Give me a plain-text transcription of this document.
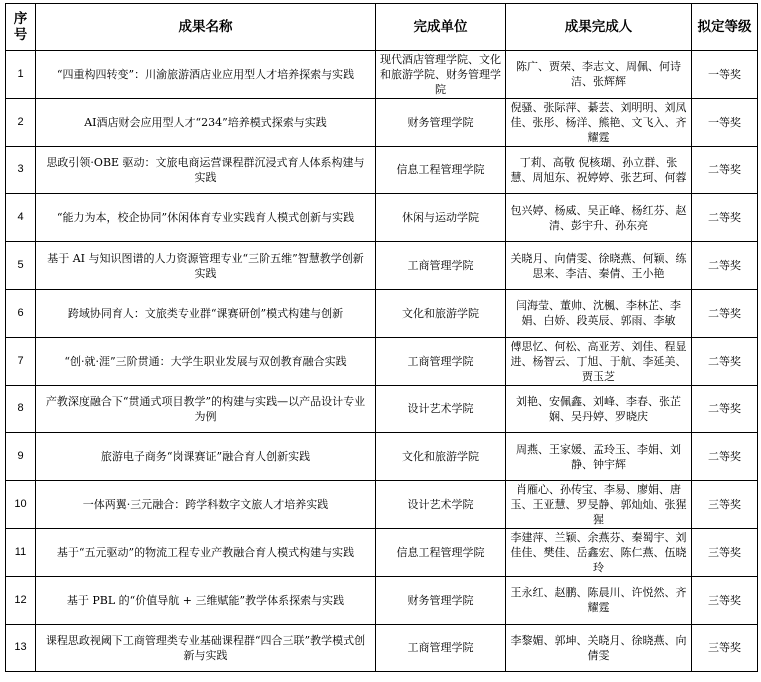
序号	成果名称	完成单位	成果完成人	拟定等级
1	“四重构四转变”：川渝旅游酒店业应用型人才培养探索与实践	现代酒店管理学院、文化和旅游学院、财务管理学院	陈广、贾荣、李志文、周佩、何诗洁、张辉辉	一等奖
2	AI酒店财会应用型人才“234”培养模式探索与实践	财务管理学院	倪骚、张际萍、綦芸、刘明明、刘凤佳、张彤、杨洋、熊艳、文飞入、齐耀霆	一等奖
3	思政引领·OBE 驱动：文旅电商运营课程群沉浸式育人体系构建与实践	信息工程管理学院	丁莉、高敬 倪核瑚、孙立群、张慧、周旭东、祝婷婷、张艺珂、何蓉	二等奖
4	“能力为本，校企协同”休闲体育专业实践育人模式创新与实践	休闲与运动学院	包兴婷、杨威、吴正峰、杨红芬、赵清、彭宇升、孙东亮	二等奖
5	基于 AI 与知识图谱的人力资源管理专业“三阶五维”智慧教学创新实践	工商管理学院	关晓月、向倩雯、徐晓燕、何颖、练思来、李洁、秦倩、王小艳	二等奖
6	跨域协同育人：文旅类专业群“课赛研创”模式构建与创新	文化和旅游学院	闫海莹、董帅、沈楓、李林芷、李娟、白娇、段英辰、郭雨、李敏	二等奖
7	“创·就·涯”三阶贯通：大学生职业发展与双创教育融合实践	工商管理学院	傅思忆、何松、高亚芳、刘佳、程显进、杨智云、丁旭、于航、李延美、贾玉芝	二等奖
8	产教深度融合下“贯通式项目教学”的构建与实践—以产品设计专业为例	设计艺术学院	刘艳、安佩鑫、刘峰、李春、张芷娴、吴丹婷、罗晓庆	二等奖
9	旅游电子商务“岗课赛证”融合育人创新实践	文化和旅游学院	周燕、王家媛、孟玲玉、李娟、刘静、钟宇辉	二等奖
10	一体两翼·三元融合：跨学科数字文旅人才培养实践	设计艺术学院	肖雁心、孙传宝、李易、廖娟、唐玉、王亚慧、罗旻静、郭灿灿、张猩猩	三等奖
11	基于“五元驱动”的物流工程专业产教融合育人模式构建与实践	信息工程管理学院	李建萍、兰颖、余燕芬、秦蜀宇、刘佳佳、樊佳、岳鑫宏、陈仁燕、伍晓玲	三等奖
12	基于 PBL 的“价值导航 + 三维赋能”教学体系探索与实践	财务管理学院	王永红、赵鹏、陈晨川、许悦然、齐耀霆	三等奖
13	课程思政视阈下工商管理类专业基础课程群“四合三联”教学模式创新与实践	工商管理学院	李黎媚、郭坤、关晓月、徐晓燕、向倩雯	三等奖
